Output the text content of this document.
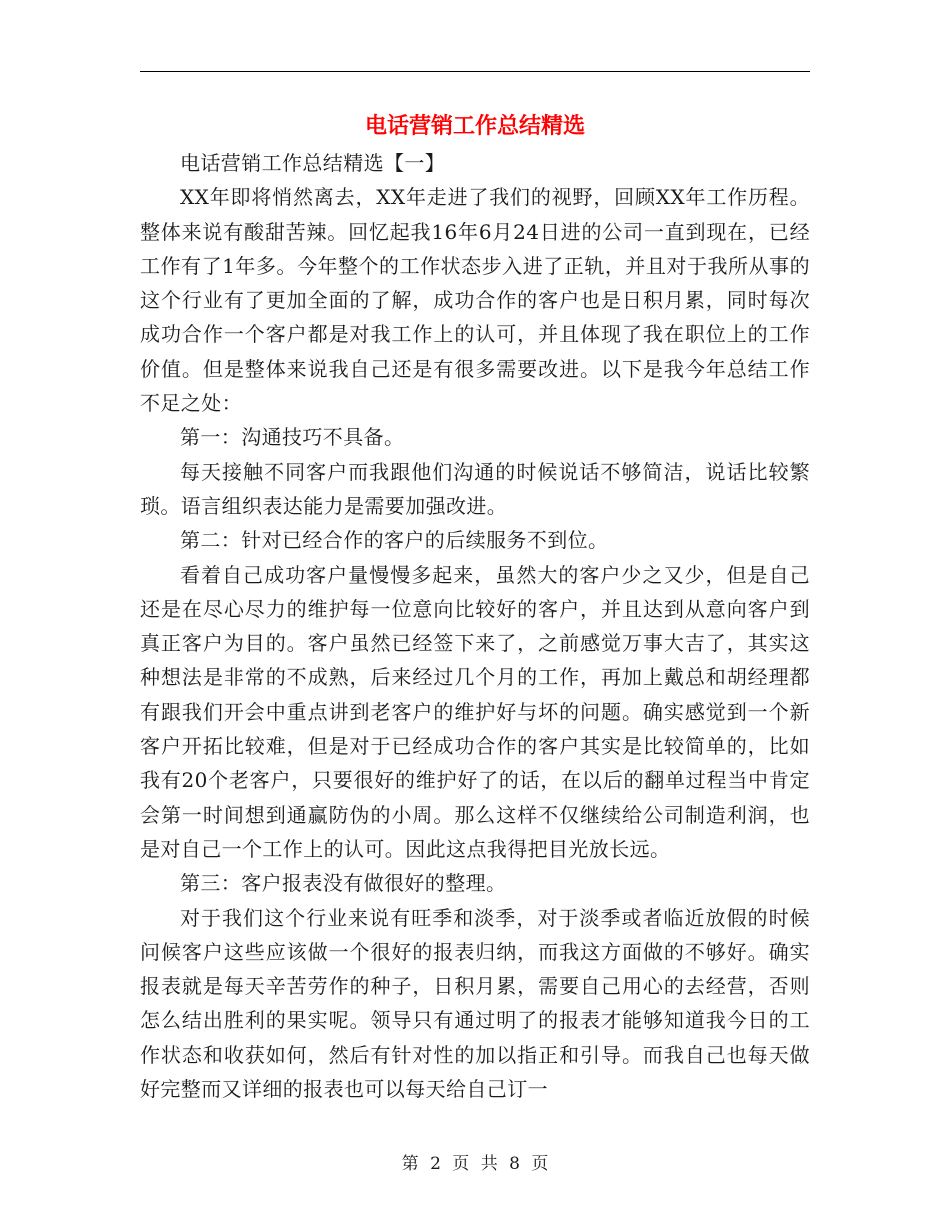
电话营销工作总结精选

电话营销工作总结精选【一】

XX年即将悄然离去，XX年走进了我们的视野，回顾XX年工作历程。整体来说有酸甜苦辣。回忆起我16年6月24日进的公司一直到现在，已经工作有了1年多。今年整个的工作状态步入进了正轨，并且对于我所从事的这个行业有了更加全面的了解，成功合作的客户也是日积月累，同时每次成功合作一个客户都是对我工作上的认可，并且体现了我在职位上的工作价值。但是整体来说我自己还是有很多需要改进。以下是我今年总结工作不足之处：

第一：沟通技巧不具备。

每天接触不同客户而我跟他们沟通的时候说话不够简洁，说话比较繁琐。语言组织表达能力是需要加强改进。

第二：针对已经合作的客户的后续服务不到位。

看着自己成功客户量慢慢多起来，虽然大的客户少之又少，但是自己还是在尽心尽力的维护每一位意向比较好的客户，并且达到从意向客户到真正客户为目的。客户虽然已经签下来了，之前感觉万事大吉了，其实这种想法是非常的不成熟，后来经过几个月的工作，再加上戴总和胡经理都有跟我们开会中重点讲到老客户的维护好与坏的问题。确实感觉到一个新客户开拓比较难，但是对于已经成功合作的客户其实是比较简单的，比如我有20个老客户，只要很好的维护好了的话，在以后的翻单过程当中肯定会第一时间想到通赢防伪的小周。那么这样不仅继续给公司制造利润，也是对自己一个工作上的认可。因此这点我得把目光放长远。

第三：客户报表没有做很好的整理。

对于我们这个行业来说有旺季和淡季，对于淡季或者临近放假的时候问候客户这些应该做一个很好的报表归纳，而我这方面做的不够好。确实报表就是每天辛苦劳作的种子，日积月累，需要自己用心的去经营，否则怎么结出胜利的果实呢。领导只有通过明了的报表才能够知道我今日的工作状态和收获如何，然后有针对性的加以指正和引导。而我自己也每天做好完整而又详细的报表也可以每天给自己订一

第 2 页 共 8 页
